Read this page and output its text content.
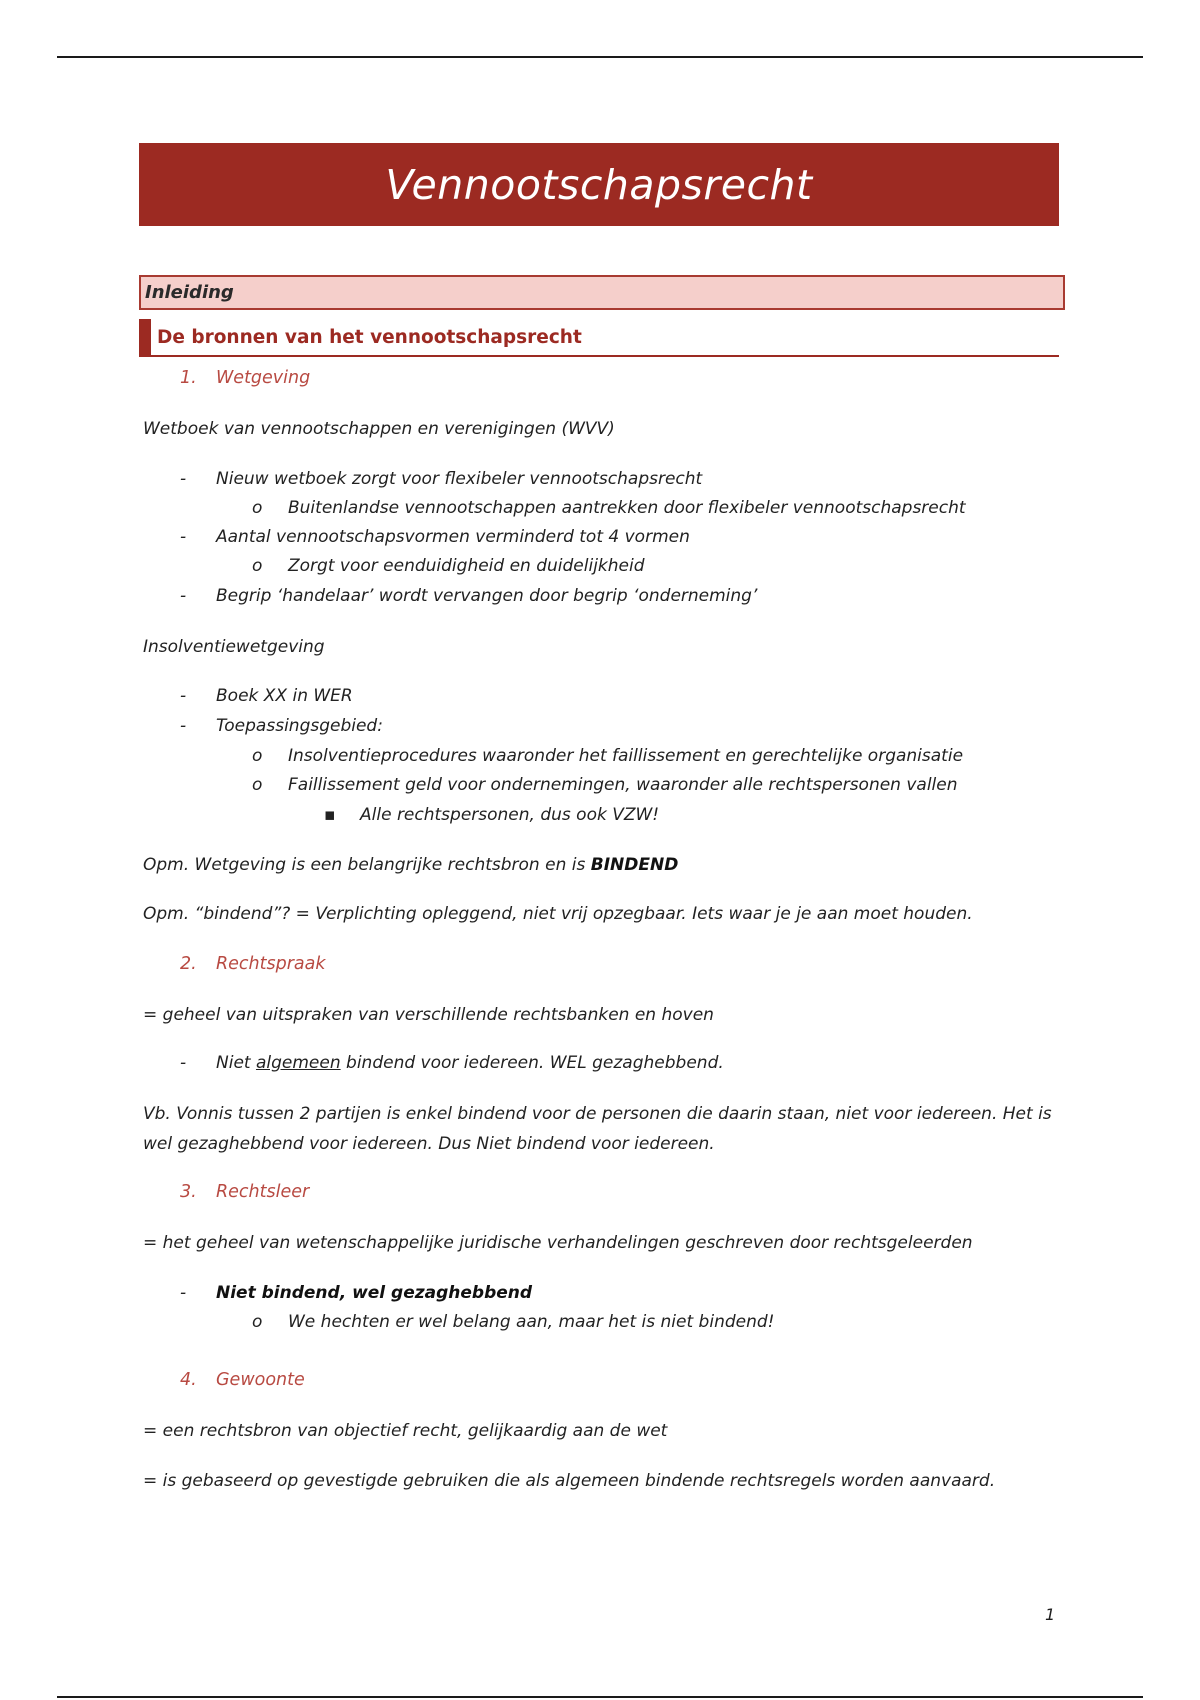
Vennootschapsrecht
Inleiding
De bronnen van het vennootschapsrecht
1. Wetgeving
Wetboek van vennootschappen en verenigingen (WVV)
- Nieuw wetboek zorgt voor flexibeler vennootschapsrecht
o Buitenlandse vennootschappen aantrekken door flexibeler vennootschapsrecht
- Aantal vennootschapsvormen verminderd tot 4 vormen
o Zorgt voor eenduidigheid en duidelijkheid
- Begrip ‘handelaar’ wordt vervangen door begrip ‘onderneming’
Insolventiewetgeving
- Boek XX in WER
- Toepassingsgebied:
o Insolventieprocedures waaronder het faillissement en gerechtelijke organisatie
o Faillissement geld voor ondernemingen, waaronder alle rechtspersonen vallen
▪ Alle rechtspersonen, dus ook VZW!
Opm. Wetgeving is een belangrijke rechtsbron en is BINDEND
Opm. “bindend”? = Verplichting opleggend, niet vrij opzegbaar. Iets waar je je aan moet houden.
2. Rechtspraak
= geheel van uitspraken van verschillende rechtsbanken en hoven
- Niet algemeen bindend voor iedereen. WEL gezaghebbend.
Vb. Vonnis tussen 2 partijen is enkel bindend voor de personen die daarin staan, niet voor iedereen. Het is
wel gezaghebbend voor iedereen. Dus Niet bindend voor iedereen.
3. Rechtsleer
= het geheel van wetenschappelijke juridische verhandelingen geschreven door rechtsgeleerden
- Niet bindend, wel gezaghebbend
o We hechten er wel belang aan, maar het is niet bindend!
4. Gewoonte
= een rechtsbron van objectief recht, gelijkaardig aan de wet
= is gebaseerd op gevestigde gebruiken die als algemeen bindende rechtsregels worden aanvaard.
1
